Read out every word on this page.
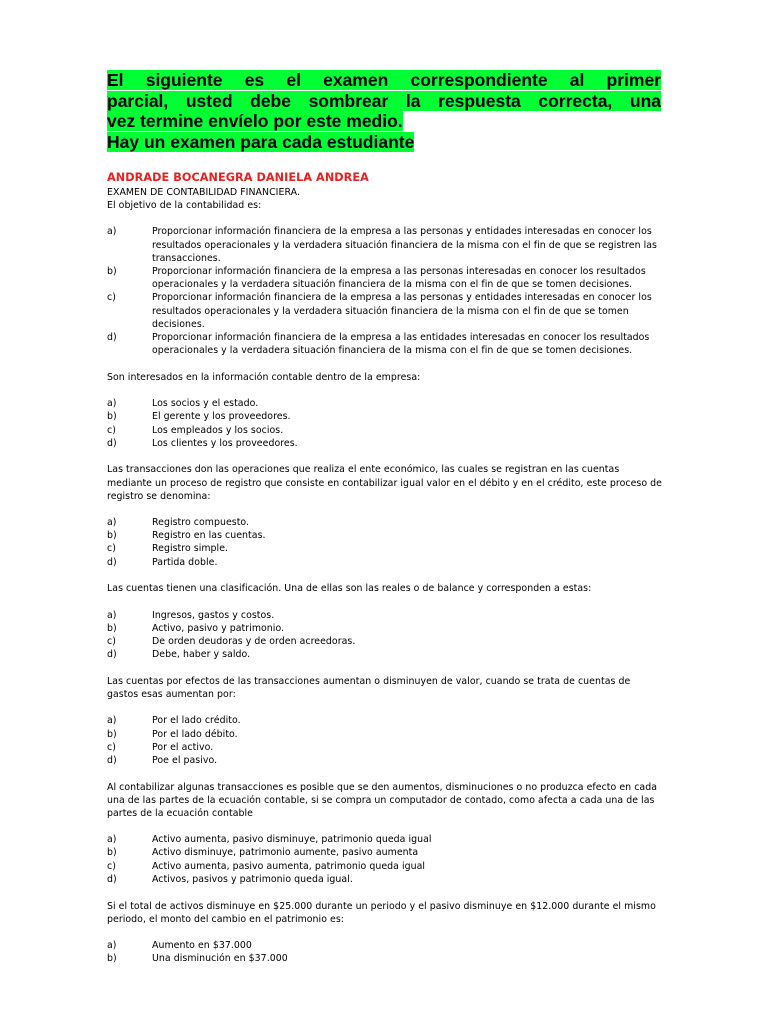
El siguiente es el examen correspondiente al primer
parcial, usted debe sombrear la respuesta correcta, una
vez termine envíelo por este medio.
Hay un examen para cada estudiante
ANDRADE BOCANEGRA DANIELA ANDREA

EXAMEN DE CONTABILIDAD FINANCIERA.

El objetivo de la contabilidad es:

a)	Proporcionar información financiera de la empresa a las personas y entidades interesadas en conocer los resultados operacionales y la verdadera situación financiera de la misma con el fin de que se registren las transacciones.
b)	Proporcionar información financiera de la empresa a las personas interesadas en conocer los resultados operacionales y la verdadera situación financiera de la misma con el fin de que se tomen decisiones.
c)	Proporcionar información financiera de la empresa a las personas y entidades interesadas en conocer los resultados operacionales y la verdadera situación financiera de la misma con el fin de que se tomen decisiones.
d)	Proporcionar información financiera de la empresa a las entidades interesadas en conocer los resultados operacionales y la verdadera situación financiera de la misma con el fin de que se tomen decisiones.

Son interesados en la información contable dentro de la empresa:

a)	Los socios y el estado.
b)	El gerente y los proveedores.
c)	Los empleados y los socios.
d)	Los clientes y los proveedores.

Las transacciones don las operaciones que realiza el ente económico, las cuales se registran en las cuentas mediante un proceso de registro que consiste en contabilizar igual valor en el débito y en el crédito, este proceso de registro se denomina:

a)	Registro compuesto.
b)	Registro en las cuentas.
c)	Registro simple.
d)	Partida doble.

Las cuentas tienen una clasificación. Una de ellas son las reales o de balance y corresponden a estas:

a)	Ingresos, gastos y costos.
b)	Activo, pasivo y patrimonio.
c)	De orden deudoras y de orden acreedoras.
d)	Debe, haber y saldo.

Las cuentas por efectos de las transacciones aumentan o disminuyen de valor, cuando se trata de cuentas de gastos esas aumentan por:

a)	Por el lado crédito.
b)	Por el lado débito.
c)	Por el activo.
d)	Poe el pasivo.

Al contabilizar algunas transacciones es posible que se den aumentos, disminuciones o no produzca efecto en cada una de las partes de la ecuación contable, si se compra un computador de contado, como afecta a cada una de las partes de la ecuación contable

a)	Activo aumenta, pasivo disminuye, patrimonio queda igual
b)	Activo disminuye, patrimonio aumente, pasivo aumenta
c)	Activo aumenta, pasivo aumenta, patrimonio queda igual
d)	Activos, pasivos y patrimonio queda igual.

Si el total de activos disminuye en $25.000 durante un periodo y el pasivo disminuye en $12.000 durante el mismo periodo, el monto del cambio en el patrimonio es:

a)	Aumento en $37.000
b)	Una disminución en $37.000
